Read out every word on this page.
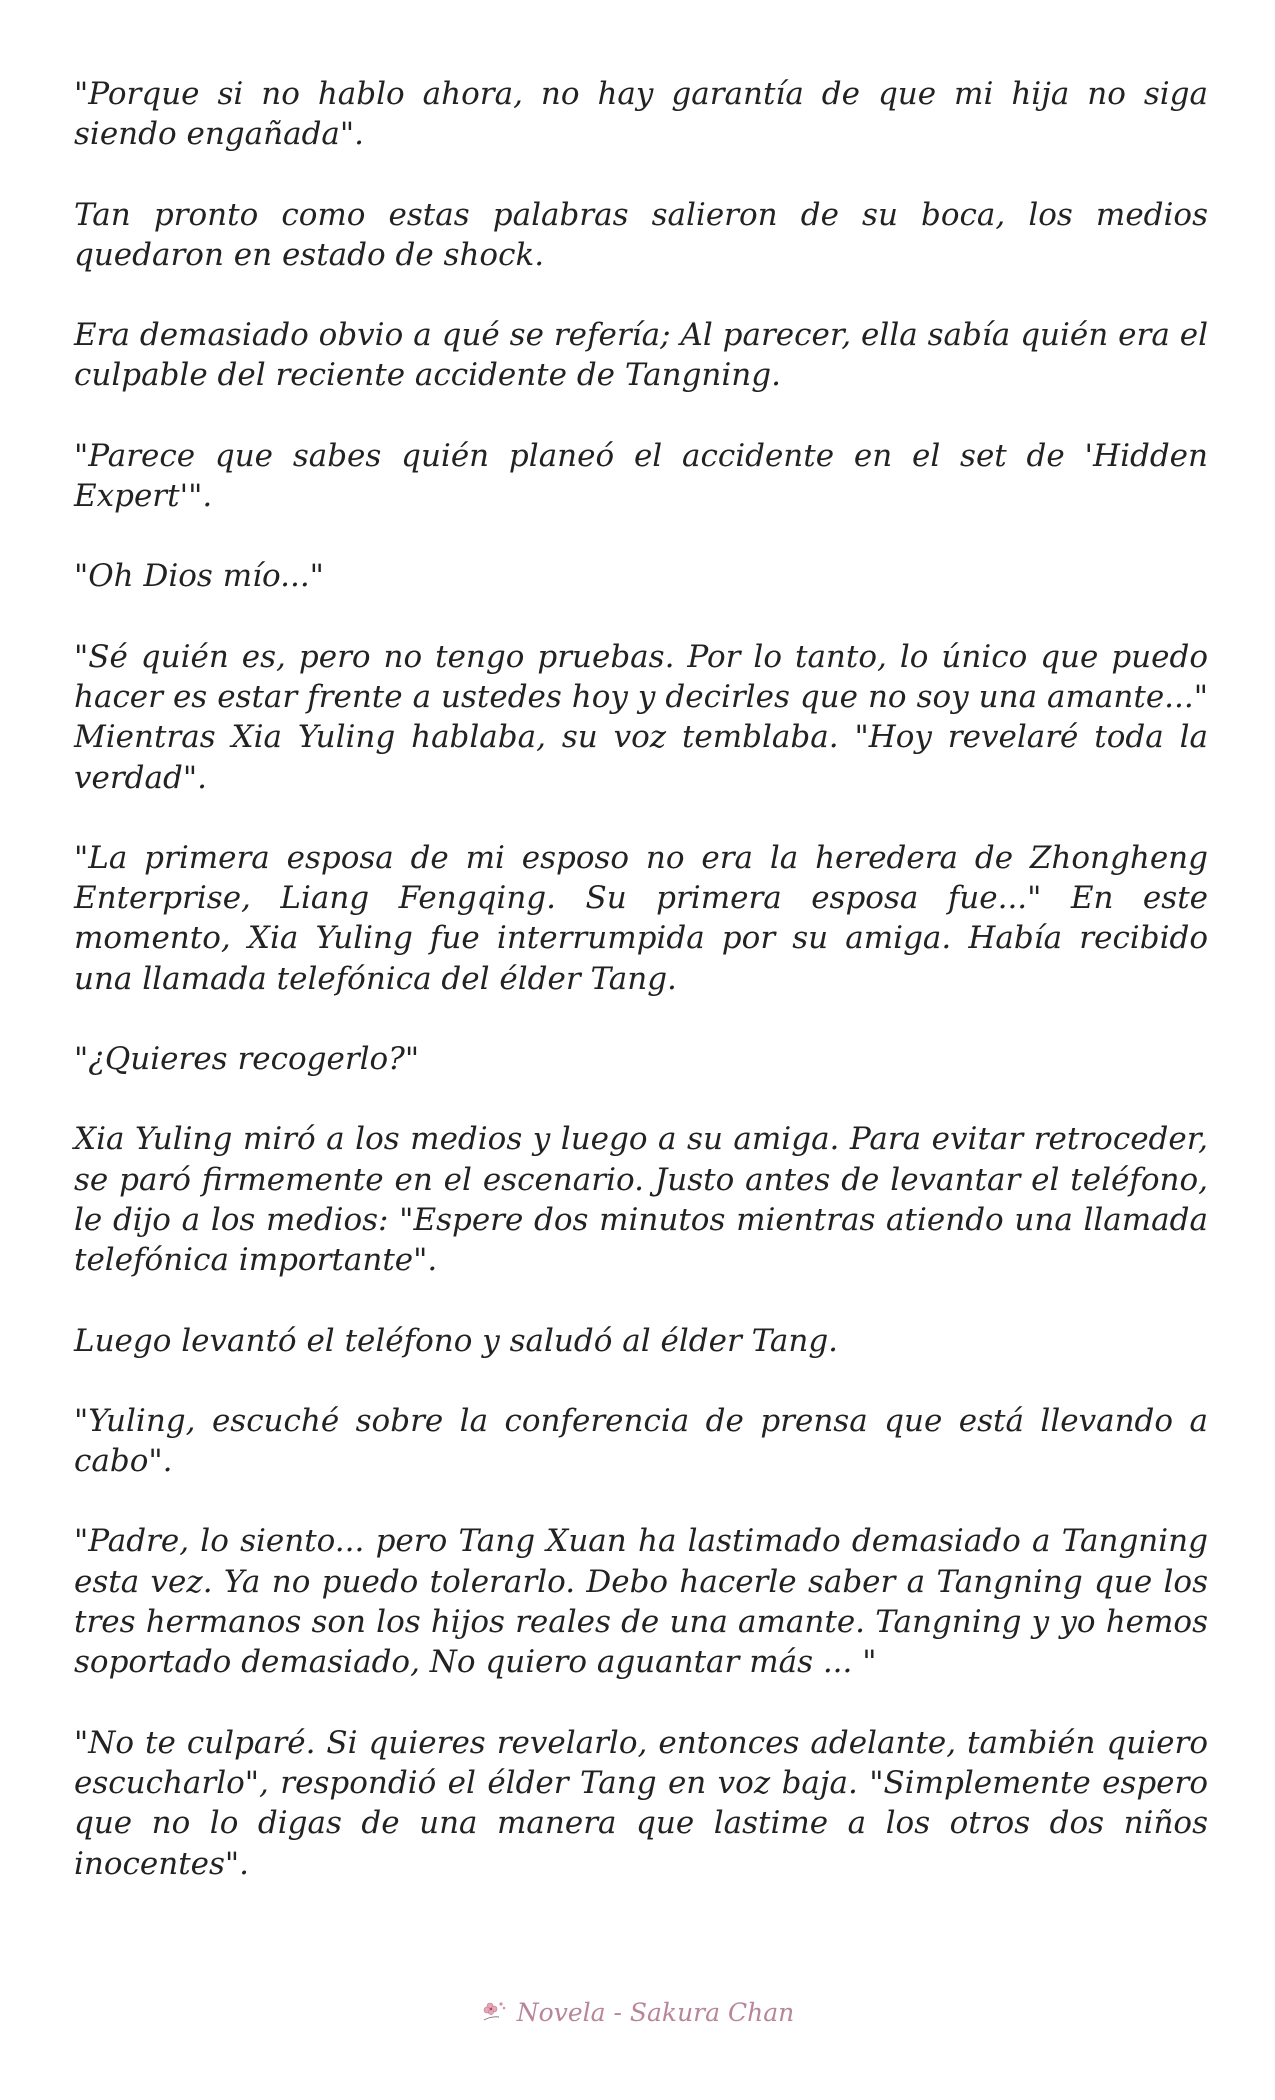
"Porque si no hablo ahora, no hay garantía de que mi hija no siga siendo engañada".

Tan pronto como estas palabras salieron de su boca, los medios quedaron en estado de shock.

Era demasiado obvio a qué se refería; Al parecer, ella sabía quién era el culpable del reciente accidente de Tangning.

"Parece que sabes quién planeó el accidente en el set de 'Hidden Expert'".

"Oh Dios mío..."

"Sé quién es, pero no tengo pruebas. Por lo tanto, lo único que puedo hacer es estar frente a ustedes hoy y decirles que no soy una amante..." Mientras Xia Yuling hablaba, su voz temblaba. "Hoy revelaré toda la verdad".

"La primera esposa de mi esposo no era la heredera de Zhongheng Enterprise, Liang Fengqing. Su primera esposa fue..." En este momento, Xia Yuling fue interrumpida por su amiga. Había recibido una llamada telefónica del élder Tang.

"¿Quieres recogerlo?"

Xia Yuling miró a los medios y luego a su amiga. Para evitar retroceder, se paró firmemente en el escenario. Justo antes de levantar el teléfono, le dijo a los medios: "Espere dos minutos mientras atiendo una llamada telefónica importante".

Luego levantó el teléfono y saludó al élder Tang.

"Yuling, escuché sobre la conferencia de prensa que está llevando a cabo".

"Padre, lo siento... pero Tang Xuan ha lastimado demasiado a Tangning esta vez. Ya no puedo tolerarlo. Debo hacerle saber a Tangning que los tres hermanos son los hijos reales de una amante. Tangning y yo hemos soportado demasiado, No quiero aguantar más ... "

"No te culparé. Si quieres revelarlo, entonces adelante, también quiero escucharlo", respondió el élder Tang en voz baja. "Simplemente espero que no lo digas de una manera que lastime a los otros dos niños inocentes".

Novela - Sakura Chan
